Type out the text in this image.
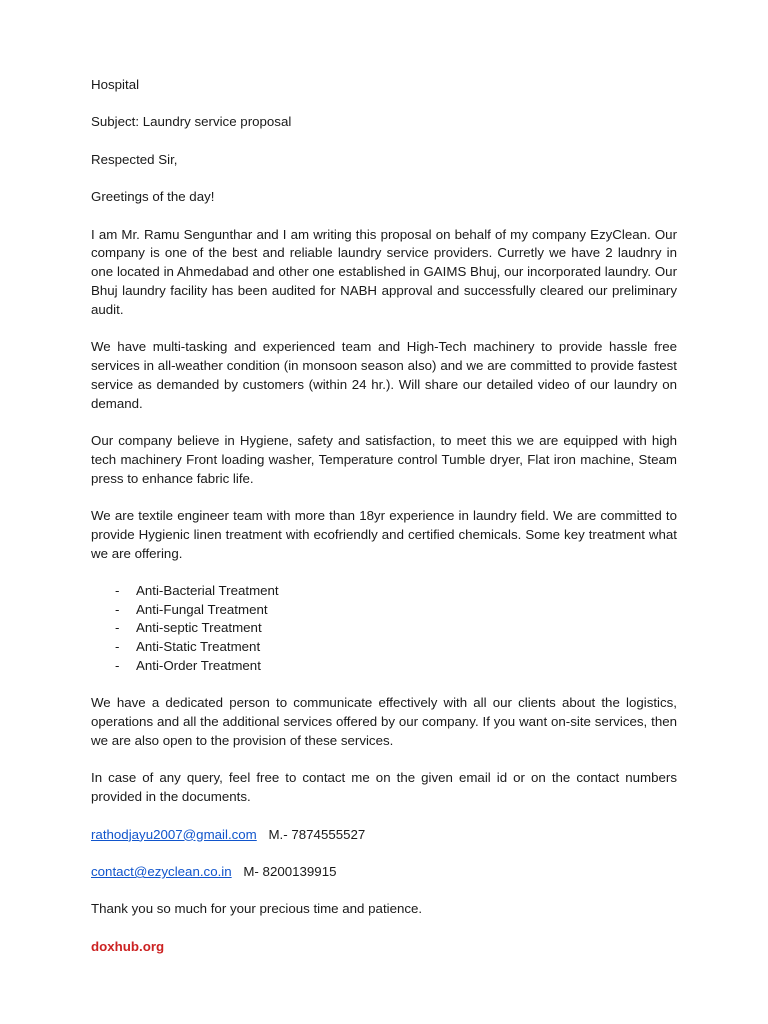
Hospital

Subject: Laundry service proposal

Respected Sir,

Greetings of the day!

I am Mr. Ramu Sengunthar and I am writing this proposal on behalf of my company EzyClean. Our company is one of the best and reliable laundry service providers. Curretly we have 2 laudnry in one located in Ahmedabad and other one established in GAIMS Bhuj, our incorporated laundry. Our Bhuj laundry facility has been audited for NABH approval and successfully cleared our preliminary audit.

We have multi-tasking and experienced team and High-Tech machinery to provide hassle free services in all-weather condition (in monsoon season also) and we are committed to provide fastest service as demanded by customers (within 24 hr.). Will share our detailed video of our laundry on demand.

Our company believe in Hygiene, safety and satisfaction, to meet this we are equipped with high tech machinery Front loading washer, Temperature control Tumble dryer, Flat iron machine, Steam press to enhance fabric life.

We are textile engineer team with more than 18yr experience in laundry field. We are committed to provide Hygienic linen treatment with ecofriendly and certified chemicals. Some key treatment what we are offering.

-	Anti-Bacterial Treatment
-	Anti-Fungal Treatment
-	Anti-septic Treatment
-	Anti-Static Treatment
-	Anti-Order Treatment

We have a dedicated person to communicate effectively with all our clients about the logistics, operations and all the additional services offered by our company. If you want on-site services, then we are also open to the provision of these services.

In case of any query, feel free to contact me on the given email id or on the contact numbers provided in the documents.

rathodjayu2007@gmail.com M.- 7874555527

contact@ezyclean.co.in M- 8200139915

Thank you so much for your precious time and patience.

doxhub.org
